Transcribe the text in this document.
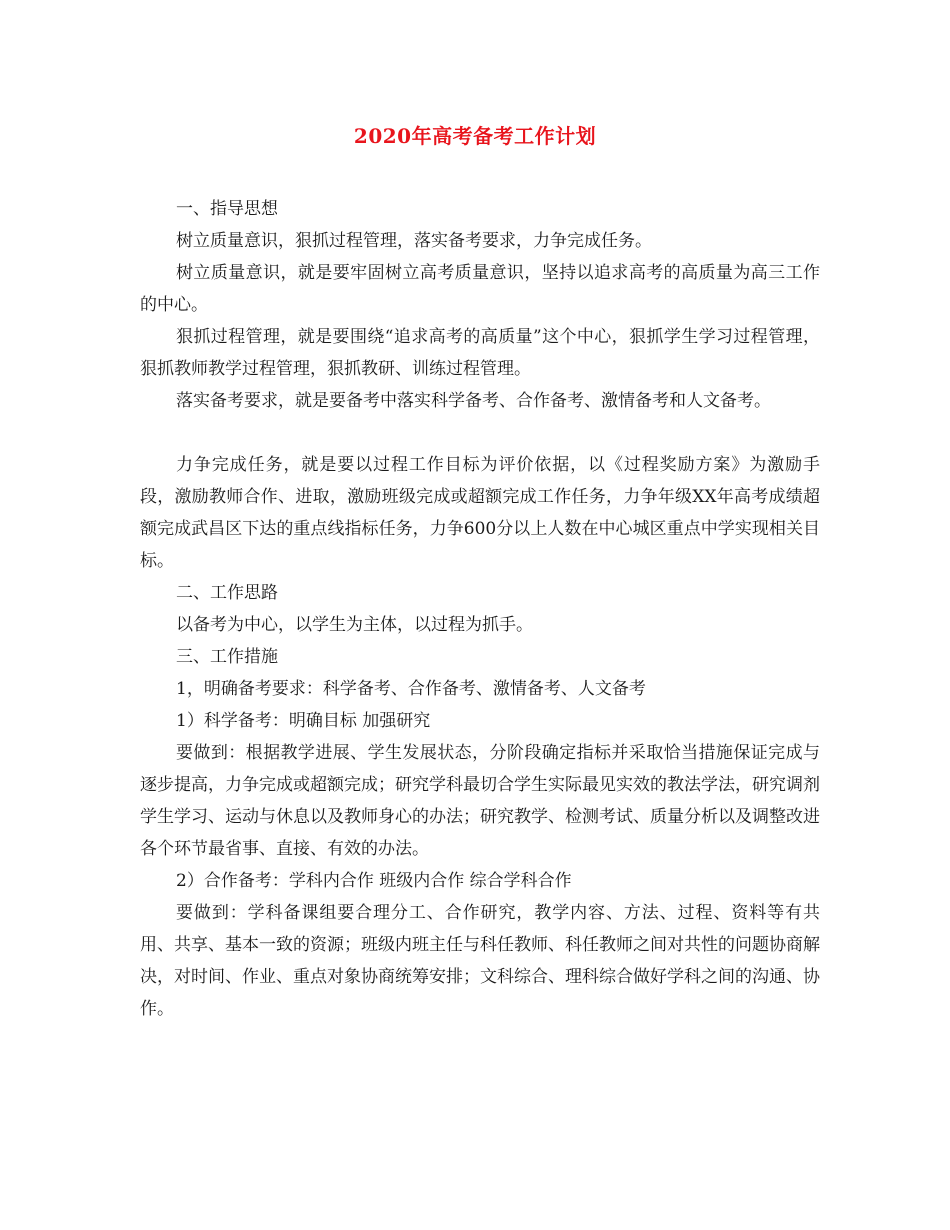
2020年高考备考工作计划

一、指导思想

树立质量意识，狠抓过程管理，落实备考要求，力争完成任务。

树立质量意识，就是要牢固树立高考质量意识，坚持以追求高考的高质量为高三工作的中心。

狠抓过程管理，就是要围绕“追求高考的高质量”这个中心，狠抓学生学习过程管理，狠抓教师教学过程管理，狠抓教研、训练过程管理。

落实备考要求，就是要备考中落实科学备考、合作备考、激情备考和人文备考。

力争完成任务，就是要以过程工作目标为评价依据，以《过程奖励方案》为激励手段，激励教师合作、进取，激励班级完成或超额完成工作任务，力争年级XX年高考成绩超额完成武昌区下达的重点线指标任务，力争600分以上人数在中心城区重点中学实现相关目标。

二、工作思路

以备考为中心，以学生为主体，以过程为抓手。

三、工作措施

1，明确备考要求：科学备考、合作备考、激情备考、人文备考

1）科学备考：明确目标 加强研究

要做到：根据教学进展、学生发展状态，分阶段确定指标并采取恰当措施保证完成与逐步提高，力争完成或超额完成；研究学科最切合学生实际最见实效的教法学法，研究调剂学生学习、运动与休息以及教师身心的办法；研究教学、检测考试、质量分析以及调整改进各个环节最省事、直接、有效的办法。

2）合作备考：学科内合作 班级内合作 综合学科合作

要做到：学科备课组要合理分工、合作研究，教学内容、方法、过程、资料等有共用、共享、基本一致的资源；班级内班主任与科任教师、科任教师之间对共性的问题协商解决，对时间、作业、重点对象协商统筹安排；文科综合、理科综合做好学科之间的沟通、协作。
